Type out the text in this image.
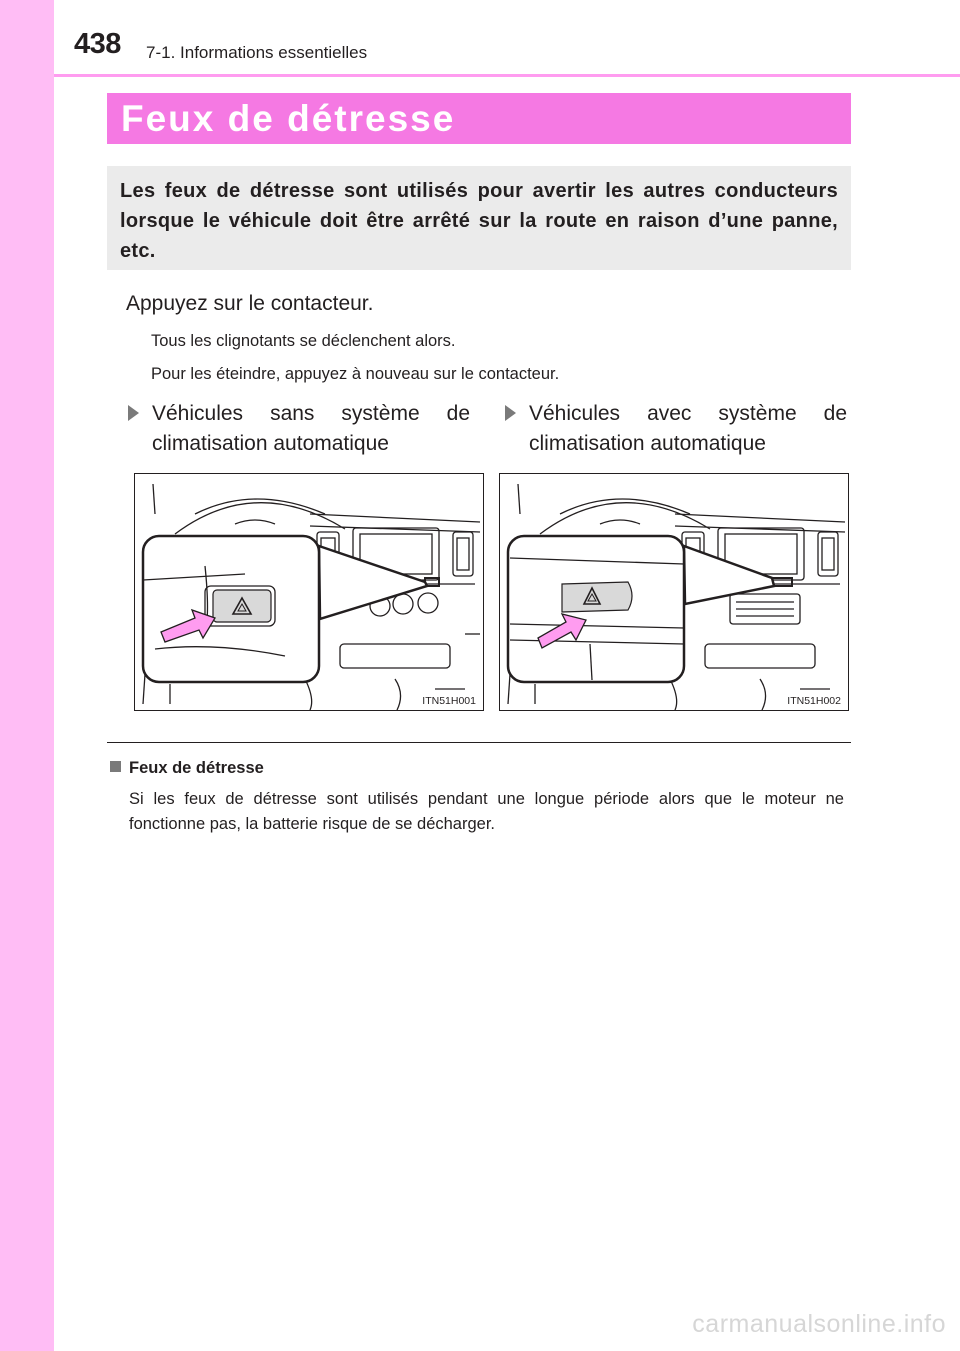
438 7-1. Informations essentielles
Feux de détresse
Les feux de détresse sont utilisés pour avertir les autres conducteurs lorsque le véhicule doit être arrêté sur la route en raison d’une panne, etc.
Appuyez sur le contacteur.
Tous les clignotants se déclenchent alors.
Pour les éteindre, appuyez à nouveau sur le contacteur.
Véhicules sans système de climatisation automatique
Véhicules avec système de climatisation automatique
ITN51H001	ITN51H002
Feux de détresse
Si les feux de détresse sont utilisés pendant une longue période alors que le moteur ne fonctionne pas, la batterie risque de se décharger.
carmanualsonline.info
